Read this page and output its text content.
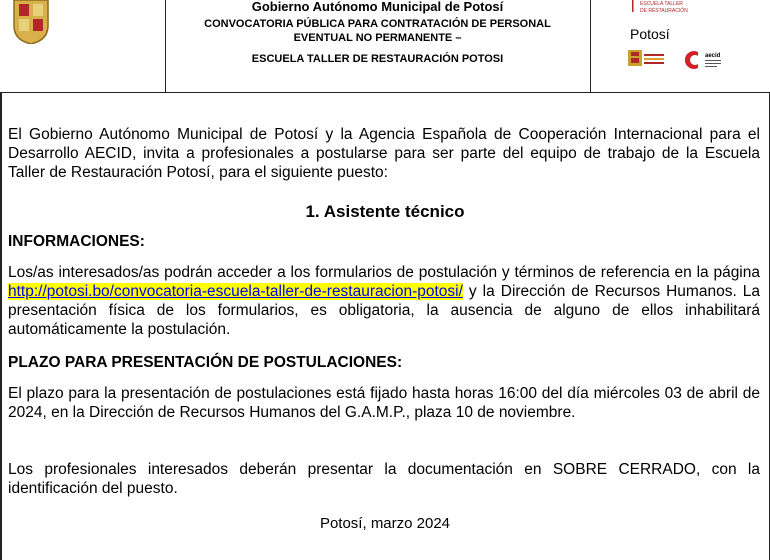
Gobierno Autónomo Municipal de Potosí
CONVOCATORIA PÚBLICA PARA CONTRATACIÓN DE PERSONAL
EVENTUAL NO PERMANENTE –
ESCUELA TALLER DE RESTAURACIÓN POTOSI
ESCUELA TALLER
DE RESTAURACIÓN
Potosí
aecid

El Gobierno Autónomo Municipal de Potosí y la Agencia Española de Cooperación Internacional para el Desarrollo AECID, invita a profesionales a postularse para ser parte del equipo de trabajo de la Escuela Taller de Restauración Potosí, para el siguiente puesto:

1. Asistente técnico

INFORMACIONES:

Los/as interesados/as podrán acceder a los formularios de postulación y términos de referencia en la página http://potosi.bo/convocatoria-escuela-taller-de-restauracion-potosi/ y la Dirección de Recursos Humanos. La presentación física de los formularios, es obligatoria, la ausencia de alguno de ellos inhabilitará automáticamente la postulación.

PLAZO PARA PRESENTACIÓN DE POSTULACIONES:

El plazo para la presentación de postulaciones está fijado hasta horas 16:00 del día miércoles 03 de abril de 2024, en la Dirección de Recursos Humanos del G.A.M.P., plaza 10 de noviembre.

Los profesionales interesados deberán presentar la documentación en SOBRE CERRADO, con la identificación del puesto.

Potosí, marzo 2024
